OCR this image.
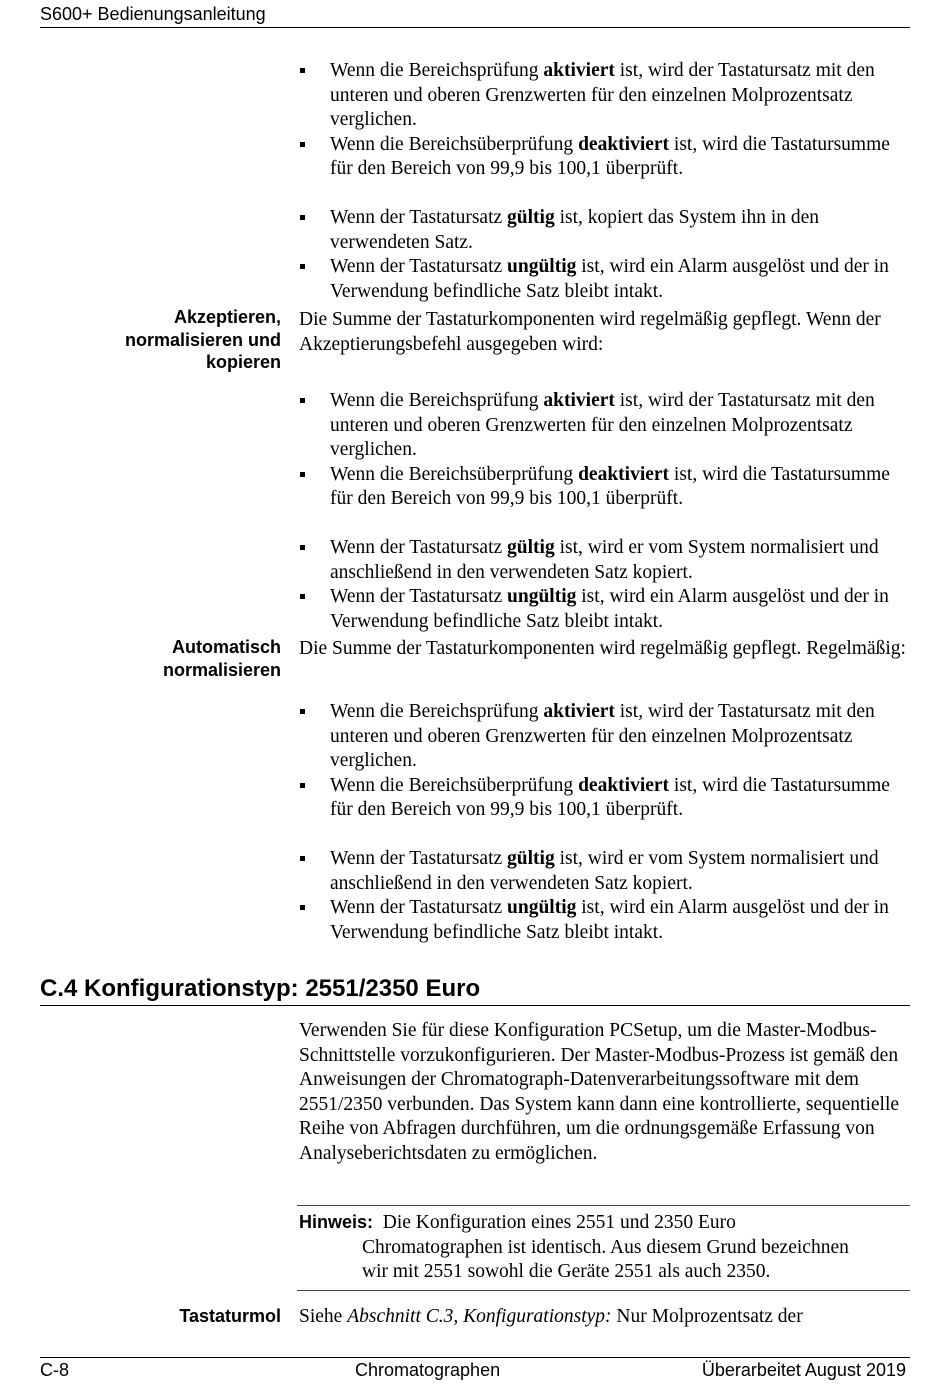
S600+ Bedienungsanleitung
Wenn die Bereichsprüfung aktiviert ist, wird der Tastatursatz mit den unteren und oberen Grenzwerten für den einzelnen Molprozentsatz verglichen.
Wenn die Bereichsüberprüfung deaktiviert ist, wird die Tastatursumme für den Bereich von 99,9 bis 100,1 überprüft.
Wenn der Tastatursatz gültig ist, kopiert das System ihn in den verwendeten Satz.
Wenn der Tastatursatz ungültig ist, wird ein Alarm ausgelöst und der in Verwendung befindliche Satz bleibt intakt.
Akzeptieren,
normalisieren und
kopieren
Die Summe der Tastaturkomponenten wird regelmäßig gepflegt. Wenn der Akzeptierungsbefehl ausgegeben wird:
Wenn die Bereichsprüfung aktiviert ist, wird der Tastatursatz mit den unteren und oberen Grenzwerten für den einzelnen Molprozentsatz verglichen.
Wenn die Bereichsüberprüfung deaktiviert ist, wird die Tastatursumme für den Bereich von 99,9 bis 100,1 überprüft.
Wenn der Tastatursatz gültig ist, wird er vom System normalisiert und anschließend in den verwendeten Satz kopiert.
Wenn der Tastatursatz ungültig ist, wird ein Alarm ausgelöst und der in Verwendung befindliche Satz bleibt intakt.
Automatisch
normalisieren
Die Summe der Tastaturkomponenten wird regelmäßig gepflegt. Regelmäßig:
Wenn die Bereichsprüfung aktiviert ist, wird der Tastatursatz mit den unteren und oberen Grenzwerten für den einzelnen Molprozentsatz verglichen.
Wenn die Bereichsüberprüfung deaktiviert ist, wird die Tastatursumme für den Bereich von 99,9 bis 100,1 überprüft.
Wenn der Tastatursatz gültig ist, wird er vom System normalisiert und anschließend in den verwendeten Satz kopiert.
Wenn der Tastatursatz ungültig ist, wird ein Alarm ausgelöst und der in Verwendung befindliche Satz bleibt intakt.
C.4 Konfigurationstyp: 2551/2350 Euro
Verwenden Sie für diese Konfiguration PCSetup, um die Master-Modbus-Schnittstelle vorzukonfigurieren. Der Master-Modbus-Prozess ist gemäß den Anweisungen der Chromatograph-Datenverarbeitungssoftware mit dem 2551/2350 verbunden. Das System kann dann eine kontrollierte, sequentielle Reihe von Abfragen durchführen, um die ordnungsgemäße Erfassung von Analyseberichtsdaten zu ermöglichen.
Hinweis: Die Konfiguration eines 2551 und 2350 Euro
Chromatographen ist identisch. Aus diesem Grund bezeichnen
wir mit 2551 sowohl die Geräte 2551 als auch 2350.
Tastaturmol Siehe Abschnitt C.3, Konfigurationstyp: Nur Molprozentsatz der
C-8	Chromatographen	Überarbeitet August 2019
